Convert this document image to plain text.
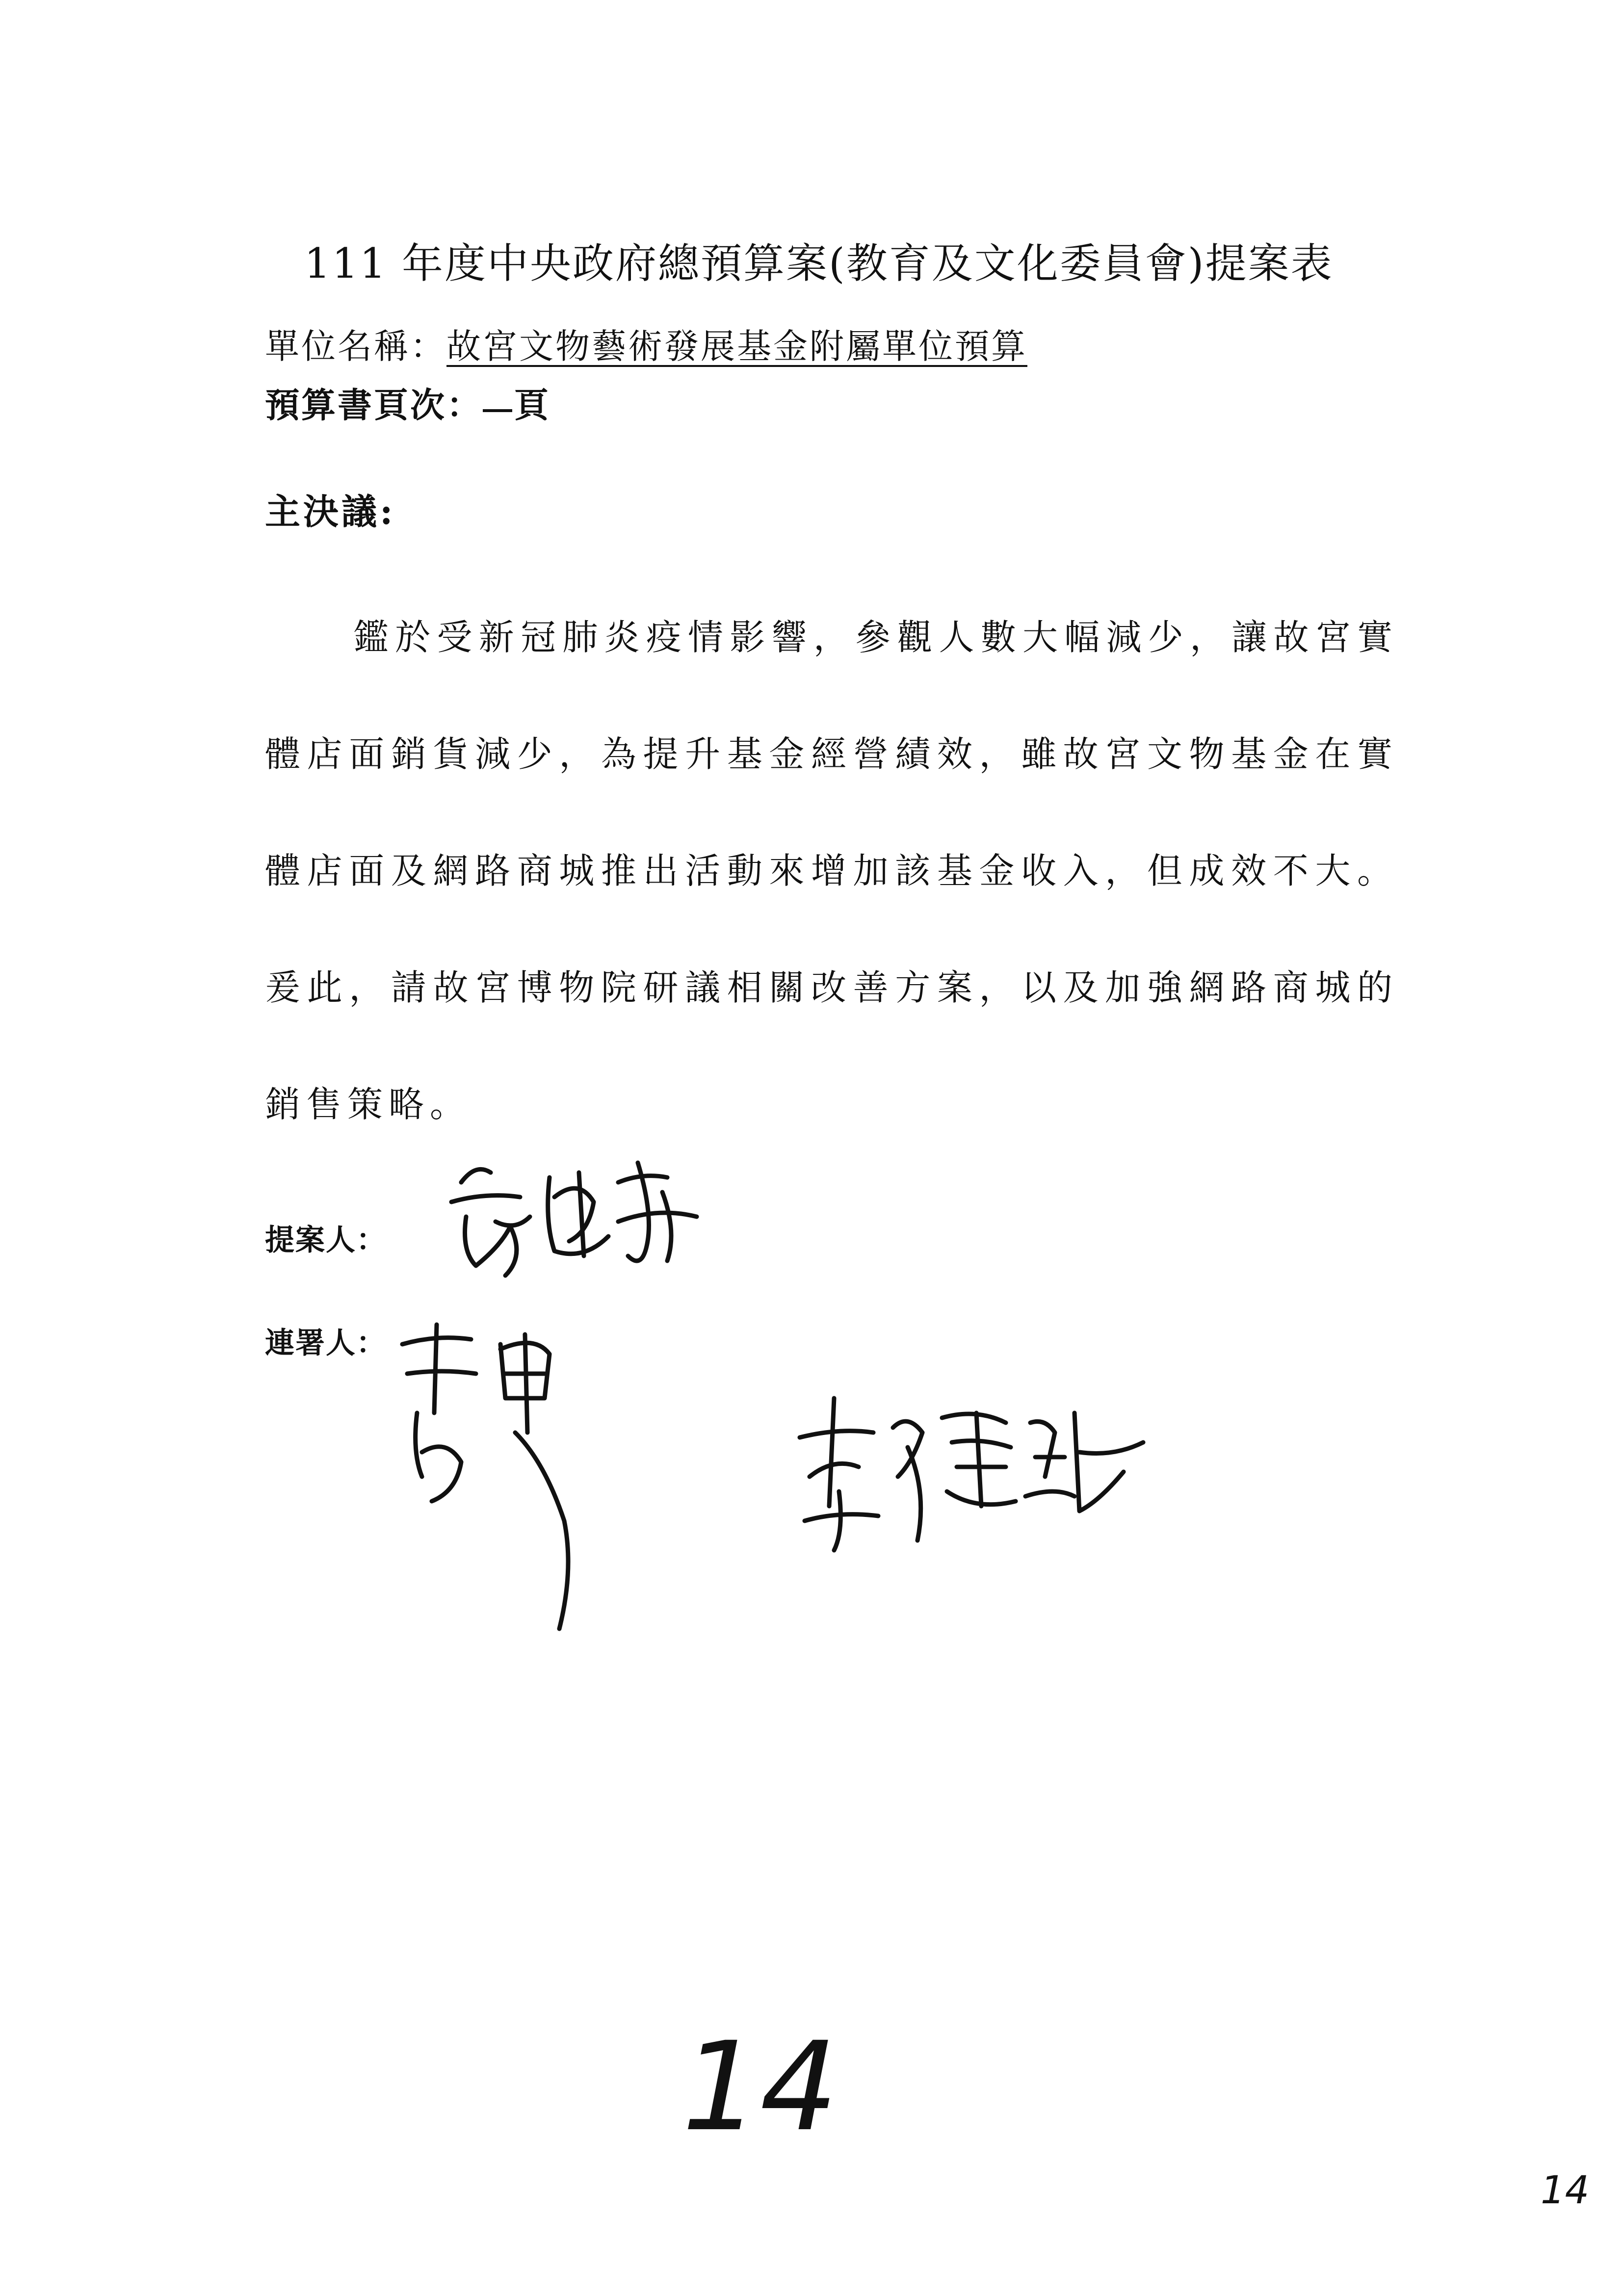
111 年度中央政府總預算案(教育及文化委員會)提案表
單位名稱：故宮文物藝術發展基金附屬單位預算
預算書頁次： 頁
主決議:
鑑於受新冠肺炎疫情影響，參觀人數大幅減少，讓故宮實體店面銷貨減少，為提升基金經營績效，雖故宮文物基金在實體店面及網路商城推出活動來增加該基金收入，但成效不大。爰此，請故宮博物院研議相關改善方案，以及加強網路商城的銷售策略。
提案人：
連署人：
14
14
